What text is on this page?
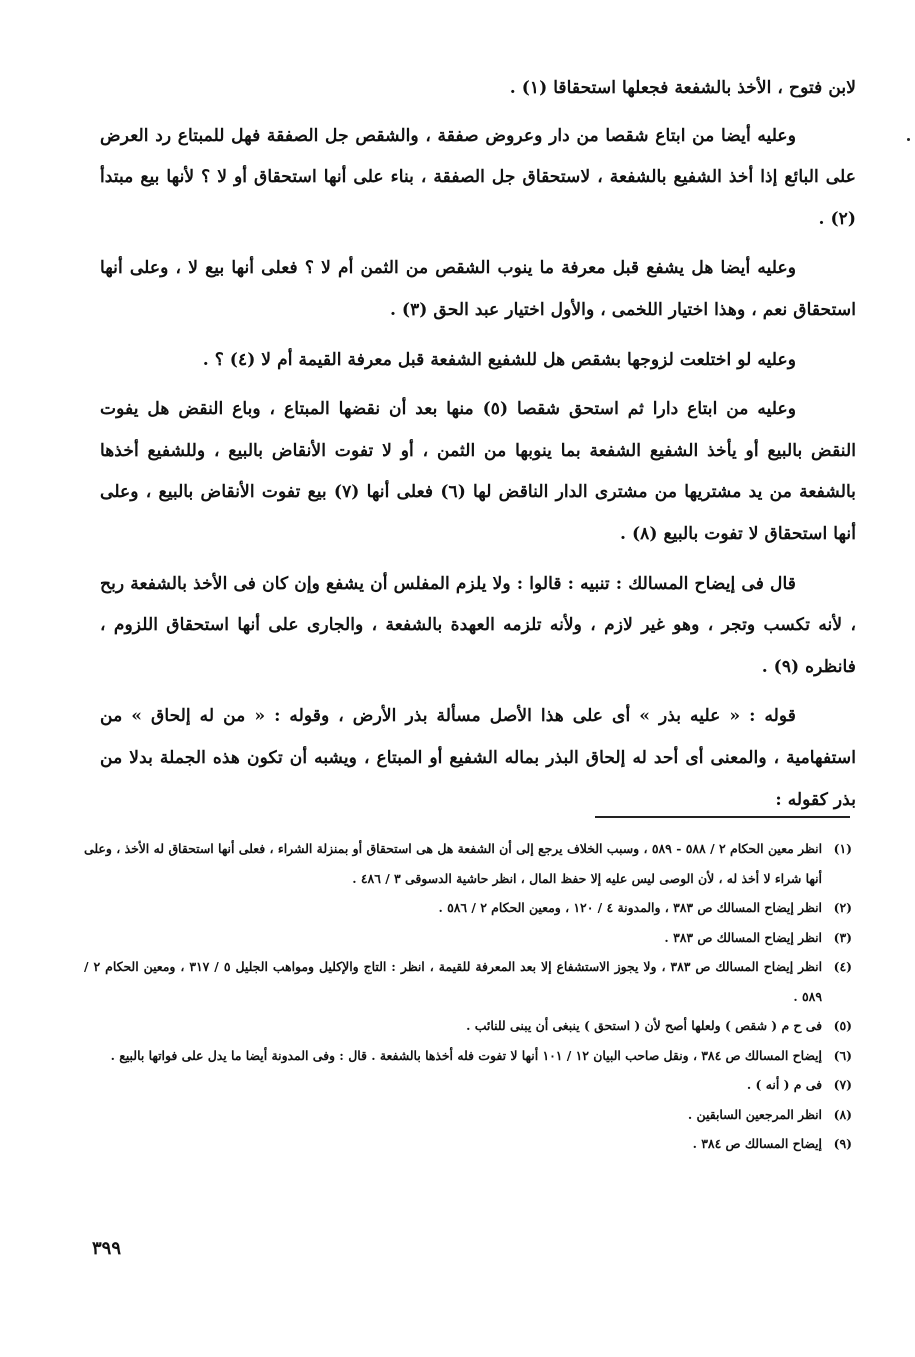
لابن فتوح ، الأخذ بالشفعة فجعلها استحقاقا (١) .

وعليه أيضا من ابتاع شقصا من دار وعروض صفقة ، والشقص جل الصفقة فهل للمبتاع رد العرض على البائع إذا أخذ الشفيع بالشفعة ، لاستحقاق جل الصفقة ، بناء على أنها استحقاق أو لا ؟ لأنها بيع مبتدأ (٢) .

وعليه أيضا هل يشفع قبل معرفة ما ينوب الشقص من الثمن أم لا ؟ فعلى أنها بيع لا ، وعلى أنها استحقاق نعم ، وهذا اختيار اللخمى ، والأول اختيار عبد الحق (٣) .

وعليه لو اختلعت لزوجها بشقص هل للشفيع الشفعة قبل معرفة القيمة أم لا (٤) ؟ .

وعليه من ابتاع دارا ثم استحق شقصا (٥) منها بعد أن نقضها المبتاع ، وباع النقض هل يفوت النقض بالبيع أو يأخذ الشفيع الشفعة بما ينوبها من الثمن ، أو لا تفوت الأنقاض بالبيع ، وللشفيع أخذها بالشفعة من يد مشتريها من مشترى الدار الناقض لها (٦) فعلى أنها (٧) بيع تفوت الأنقاض بالبيع ، وعلى أنها استحقاق لا تفوت بالبيع (٨) .

قال فى إيضاح المسالك : تنبيه : قالوا : ولا يلزم المفلس أن يشفع وإن كان فى الأخذ بالشفعة ربح ، لأنه تكسب وتجر ، وهو غير لازم ، ولأنه تلزمه العهدة بالشفعة ، والجارى على أنها استحقاق اللزوم ، فانظره (٩) .

قوله : « عليه بذر » أى على هذا الأصل مسألة بذر الأرض ، وقوله : « من له إلحاق » من استفهامية ، والمعنى أى أحد له إلحاق البذر بماله الشفيع أو المبتاع ، ويشبه أن تكون هذه الجملة بدلا من بذر كقوله :

(١)انظر معين الحكام ٢ / ٥٨٨ - ٥٨٩ ، وسبب الخلاف يرجع إلى أن الشفعة هل هى استحقاق أو بمنزلة الشراء ، فعلى أنها استحقاق له الأخذ ، وعلى أنها شراء لا أخذ له ، لأن الوصى ليس عليه إلا حفظ المال ، انظر حاشية الدسوقى ٣ / ٤٨٦ .

(٢)انظر إيضاح المسالك ص ٣٨٣ ، والمدونة ٤ / ١٢٠ ، ومعين الحكام ٢ / ٥٨٦ .

(٣)انظر إيضاح المسالك ص ٣٨٣ .

(٤)انظر إيضاح المسالك ص ٣٨٣ ، ولا يجوز الاستشفاع إلا بعد المعرفة للقيمة ، انظر : التاج والإكليل ومواهب الجليل ٥ / ٣١٧ ، ومعين الحكام ٢ / ٥٨٩ .

(٥)فى ح م ( شقص ) ولعلها أصح لأن ( استحق ) ينبغى أن يبنى للنائب .

(٦)إيضاح المسالك ص ٣٨٤ ، ونقل صاحب البيان ١٢ / ١٠١ أنها لا تفوت فله أخذها بالشفعة . قال : وفى المدونة أيضا ما يدل على فواتها بالبيع .

(٧)فى م ( أنه ) .

(٨)انظر المرجعين السابقين .

(٩)إيضاح المسالك ص ٣٨٤ .

٣٩٩
